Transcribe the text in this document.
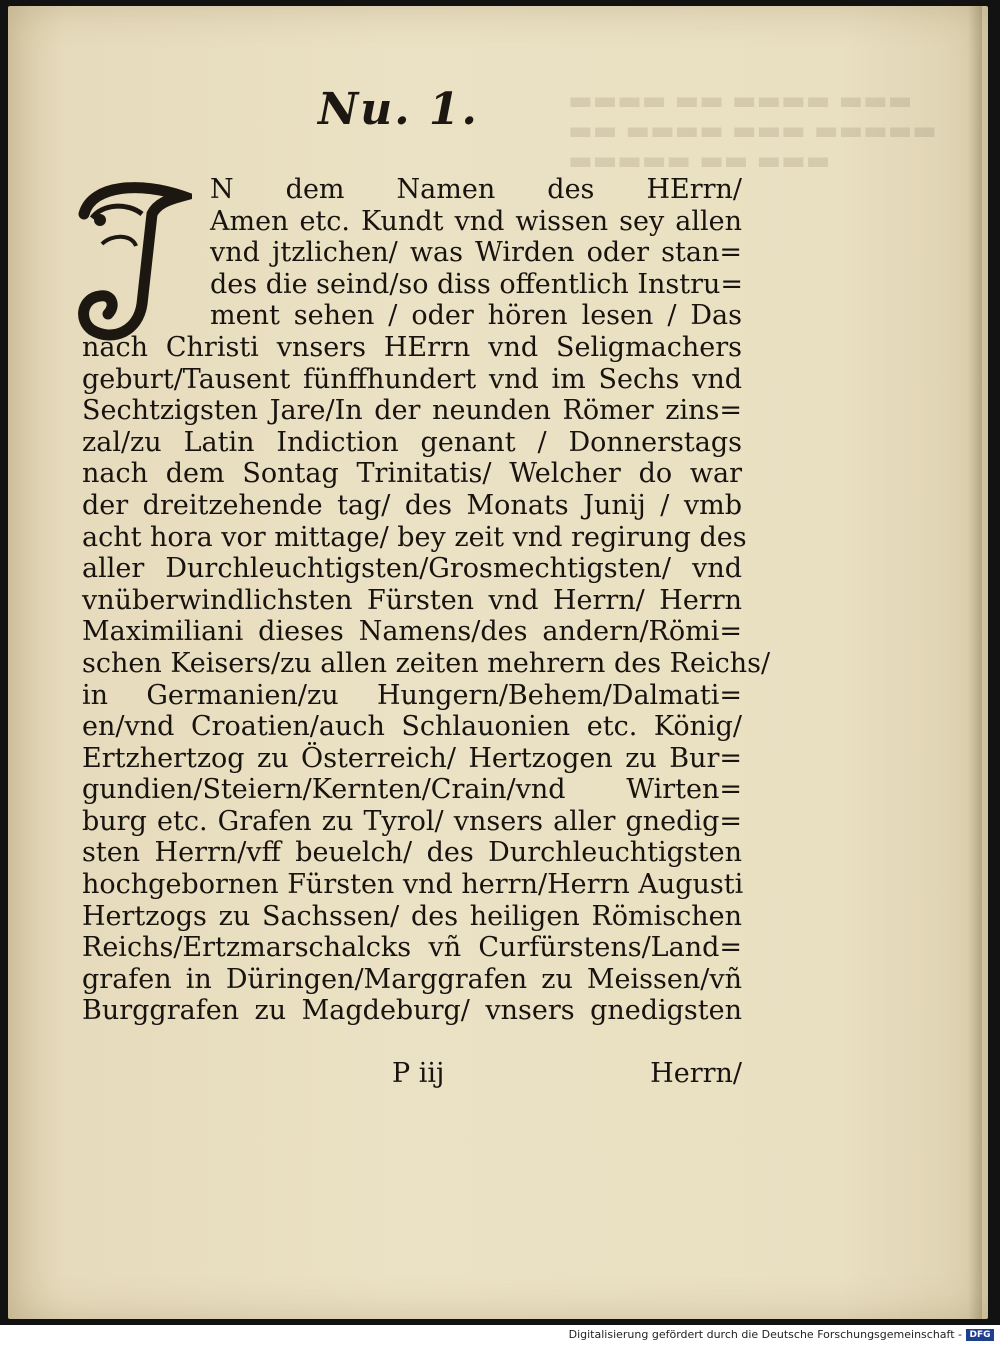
▬▬▬▬ ▬▬ ▬▬▬▬ ▬▬▬
▬▬ ▬▬▬▬ ▬▬▬ ▬▬▬▬▬
▬▬▬▬▬ ▬▬ ▬▬▬
Nu. 1.
N dem Namen des HErrn/
Amen etc. Kundt vnd wissen sey allen
vnd jtzlichen/ was Wirden oder stan=
des die seind/so diss offentlich Instru=
ment sehen / oder hören lesen / Das
nach Christi vnsers HErrn vnd Seligmachers
geburt/Tausent fünffhundert vnd im Sechs vnd
Sechtzigsten Jare/In der neunden Römer zins=
zal/zu Latin Indiction genant / Donnerstags
nach dem Sontag Trinitatis/ Welcher do war
der dreitzehende tag/ des Monats Junij / vmb
acht hora vor mittage/ bey zeit vnd regirung des
aller Durchleuchtigsten/Grosmechtigsten/ vnd
vnüberwindlichsten Fürsten vnd Herrn/ Herrn
Maximiliani dieses Namens/des andern/Römi=
schen Keisers/zu allen zeiten mehrern des Reichs/
in Germanien/zu Hungern/Behem/Dalmati=
en/vnd Croatien/auch Schlauonien etc. König/
Ertzhertzog zu Österreich/ Hertzogen zu Bur=
gundien/Steiern/Kernten/Crain/vnd Wirten=
burg etc. Grafen zu Tyrol/ vnsers aller gnedig=
sten Herrn/vff beuelch/ des Durchleuchtigsten
hochgebornen Fürsten vnd herrn/Herrn Augusti
Hertzogs zu Sachssen/ des heiligen Römischen
Reichs/Ertzmarschalcks vñ Curfürstens/Land=
grafen in Düringen/Marggrafen zu Meissen/vñ
Burggrafen zu Magdeburg/ vnsers gnedigsten
P iij	Herrn/
Digitalisierung gefördert durch die Deutsche Forschungsgemeinschaft - DFG
